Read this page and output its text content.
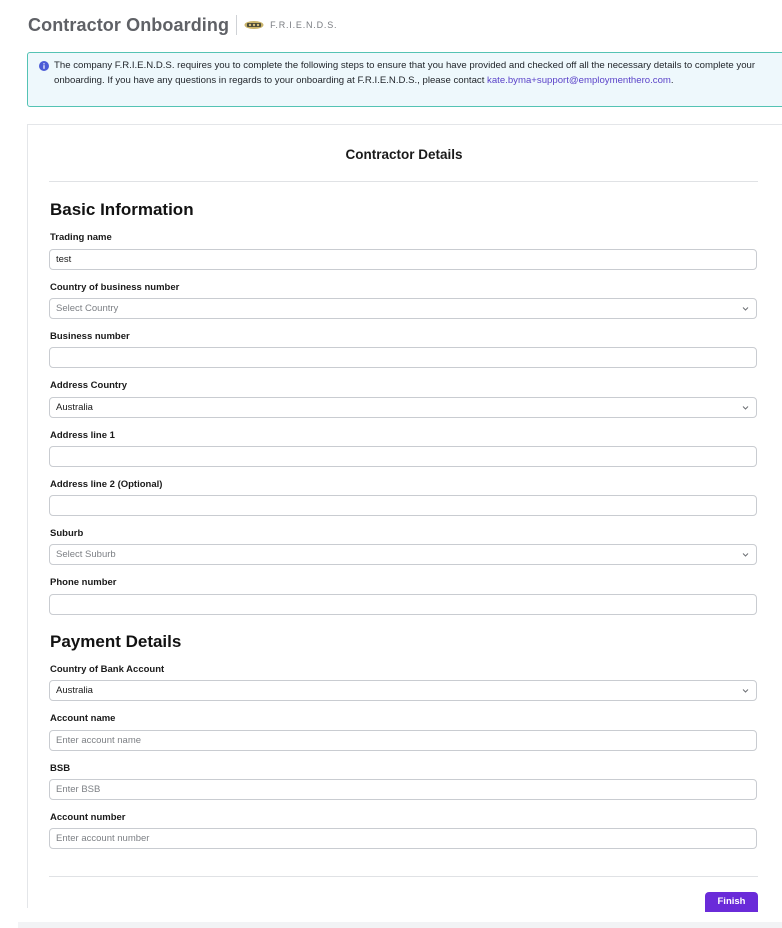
Contractor Onboarding	F.R.I.E.N.D.S.
The company F.R.I.E.N.D.S. requires you to complete the following steps to ensure that you have provided and checked off all the necessary details to complete your onboarding. If you have any questions in regards to your onboarding at F.R.I.E.N.D.S., please contact kate.byma+support@employmenthero.com.
Contractor Details
Basic Information
Trading name
test
Country of business number
Select Country
Business number
Address Country
Australia
Address line 1
Address line 2 (Optional)
Suburb
Select Suburb
Phone number
Payment Details
Country of Bank Account
Australia
Account name
Enter account name
BSB
Enter BSB
Account number
Enter account number
Finish
